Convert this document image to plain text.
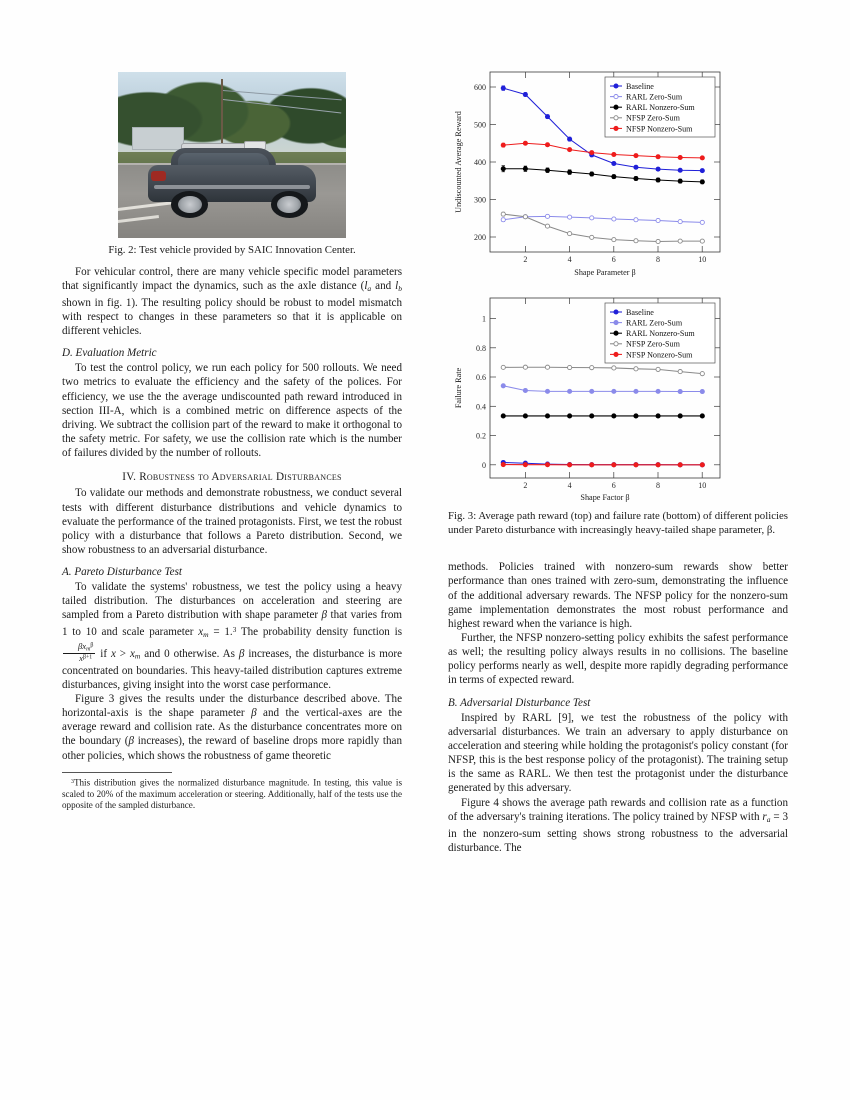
Fig. 2: Test vehicle provided by SAIC Innovation Center.

For vehicular control, there are many vehicle specific model parameters that significantly impact the dynamics, such as the axle distance ($l_a$ and $l_b$ shown in fig. 1). The resulting policy should be robust to model mismatch with respect to changes in these parameters so that it is applicable on different vehicles.

D. Evaluation Metric

To test the control policy, we run each policy for 500 rollouts. We need two metrics to evaluate the efficiency and the safety of the polices. For efficiency, we use the the average undiscounted path reward introduced in section III-A, which is a combined metric on difference aspects of the driving. We subtract the collision part of the reward to make it orthogonal to the safety metric. For safety, we use the collision rate which is the number of failures divided by the number of rollouts.

IV. Robustness to Adversarial Disturbances

To validate our methods and demonstrate robustness, we conduct several tests with different disturbance distributions and vehicle dynamics to evaluate the performance of the trained protagonists. First, we test the robust policy with a disturbance that follows a Pareto distribution. Second, we show robustness to an adversarial disturbance.

A. Pareto Disturbance Test

To validate the systems' robustness, we test the policy using a heavy tailed distribution. The disturbances on acceleration and steering are sampled from a Pareto distribution with shape parameter β that varies from 1 to 10 and scale parameter $x_m = 1.^3$ The probability density function is
$\frac{\beta x_m^\beta}{x^{\beta+1}}$ if $x > x_m$ and 0 otherwise. As β increases, the disturbance is more concentrated on boundaries. This heavy-tailed distribution captures extreme disturbances, giving insight into the worst case performance.

Figure 3 gives the results under the disturbance described above. The horizontal-axis is the shape parameter β and the vertical-axes are the average reward and collision rate. As the disturbance concentrates more on the boundary (β increases), the reward of baseline drops more rapidly than other policies, which shows the robustness of game theoretic

$^3$This distribution gives the normalized disturbance magnitude. In testing, this value is scaled to 20% of the maximum acceleration or steering. Additionally, half of the tests use the opposite of the sampled disturbance.

600
500
400
300
200
2	4	6	8	10
Shape Parameter β
Undiscounted Average Reward
Baseline
RARL Zero-Sum
RARL Nonzero-Sum
NFSP Zero-Sum
NFSP Nonzero-Sum
1
0.8
0.6
0.4
0.2
0
2	4	6	8	10
Shape Factor β
Failure Rate
Baseline
RARL Zero-Sum
RARL Nonzero-Sum
NFSP Zero-Sum
NFSP Nonzero-Sum

Fig. 3: Average path reward (top) and failure rate (bottom) of different policies under Pareto disturbance with increasingly heavy-tailed shape parameter, β.

methods. Policies trained with nonzero-sum rewards show better performance than ones trained with zero-sum, demonstrating the influence of the additional adversary rewards. The NFSP policy for the nonzero-sum game implementation demonstrates the most robust performance and highest reward when the variance is high.

Further, the NFSP nonzero-setting policy exhibits the safest performance as well; the resulting policy always results in no collisions. The baseline policy performs nearly as well, despite more rapidly degrading performance in terms of expected reward.

B. Adversarial Disturbance Test

Inspired by RARL [9], we test the robustness of the policy with adversarial disturbances. We train an adversary to apply disturbance on acceleration and steering while holding the protagonist's policy constant (for NFSP, this is the best response policy of the protagonist). The training setup is the same as RARL. We then test the protagonist under the disturbance generated by this adversary.

Figure 4 shows the average path rewards and collision rate as a function of the adversary's training iterations. The policy trained by NFSP with $r_a = 3$ in the nonzero-sum setting shows strong robustness to the adversarial disturbance. The
